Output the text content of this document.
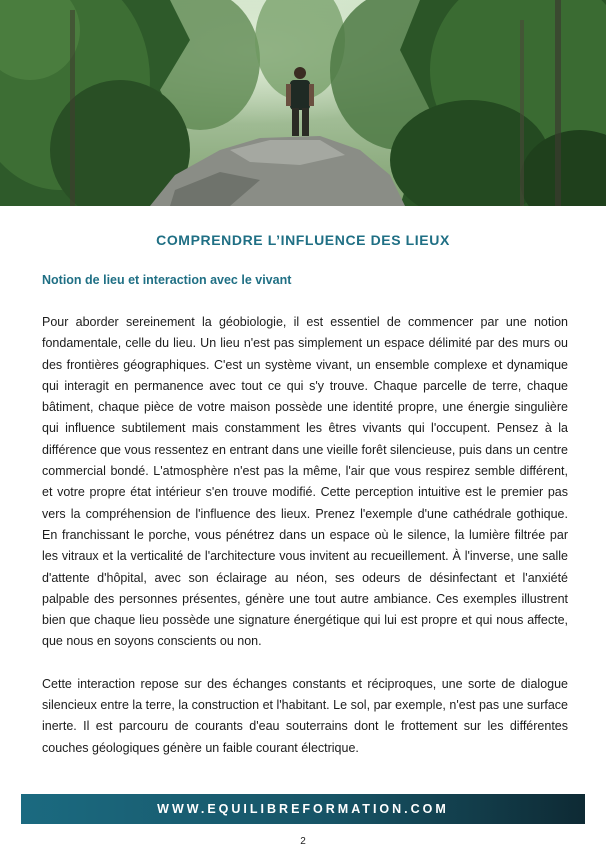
COMPRENDRE L’INFLUENCE DES LIEUX
Notion de lieu et interaction avec le vivant

Pour aborder sereinement la géobiologie, il est essentiel de commencer par une notion fondamentale, celle du lieu. Un lieu n'est pas simplement un espace délimité par des murs ou des frontières géographiques. C'est un système vivant, un ensemble complexe et dynamique qui interagit en permanence avec tout ce qui s'y trouve. Chaque parcelle de terre, chaque bâtiment, chaque pièce de votre maison possède une identité propre, une énergie singulière qui influence subtilement mais constamment les êtres vivants qui l'occupent. Pensez à la différence que vous ressentez en entrant dans une vieille forêt silencieuse, puis dans un centre commercial bondé. L'atmosphère n'est pas la même, l'air que vous respirez semble différent, et votre propre état intérieur s'en trouve modifié. Cette perception intuitive est le premier pas vers la compréhension de l'influence des lieux. Prenez l'exemple d'une cathédrale gothique. En franchissant le porche, vous pénétrez dans un espace où le silence, la lumière filtrée par les vitraux et la verticalité de l'architecture vous invitent au recueillement. À l'inverse, une salle d'attente d'hôpital, avec son éclairage au néon, ses odeurs de désinfectant et l'anxiété palpable des personnes présentes, génère une tout autre ambiance. Ces exemples illustrent bien que chaque lieu possède une signature énergétique qui lui est propre et qui nous affecte, que nous en soyons conscients ou non.

Cette interaction repose sur des échanges constants et réciproques, une sorte de dialogue silencieux entre la terre, la construction et l'habitant. Le sol, par exemple, n'est pas une surface inerte. Il est parcouru de courants d'eau souterrains dont le frottement sur les différentes couches géologiques génère un faible courant électrique.

WWW.EQUILIBREFORMATION.COM
2
